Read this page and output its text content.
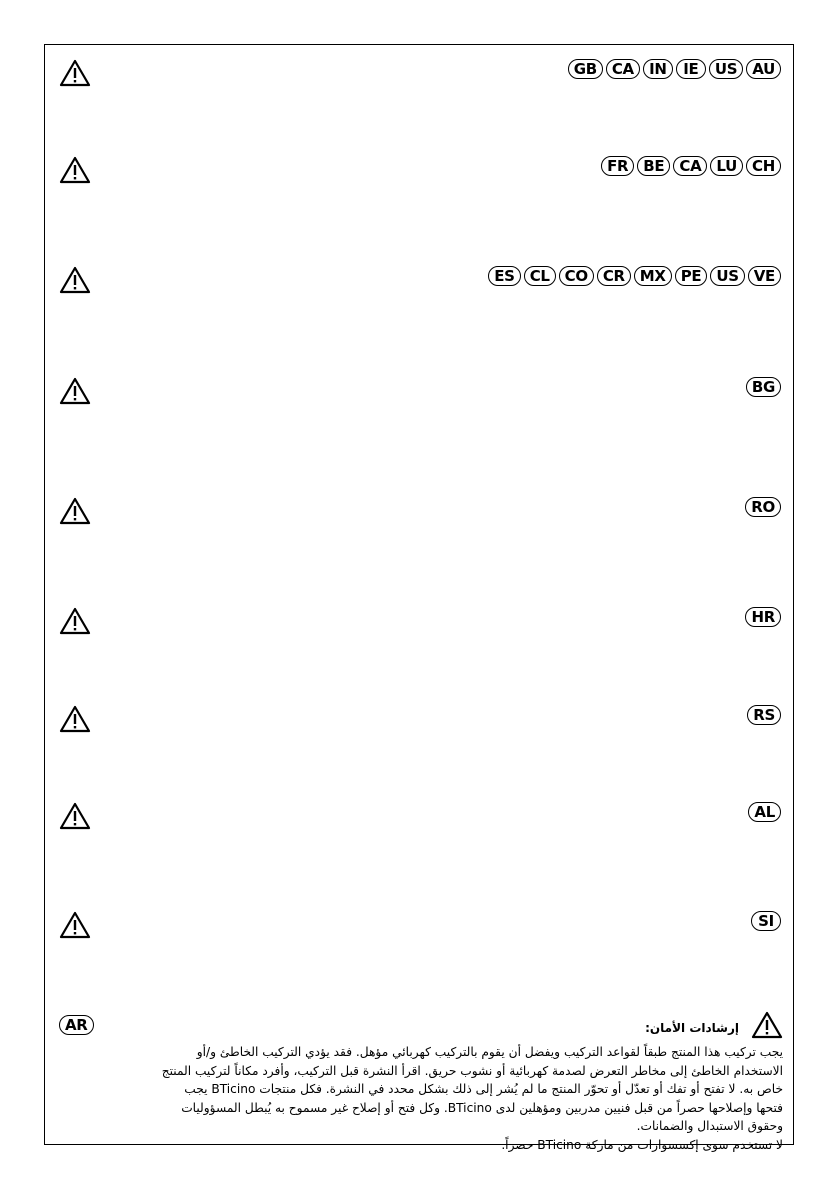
GB	CA	IN	IE	US	AU
FR	BE	CA	LU	CH
ES	CL	CO	CR	MX	PE	US	VE
BG
RO
HR
RS
AL
SI
AR	إرشادات الأمان:

يجب تركيب هذا المنتج طبقاً لقواعد التركيب ويفضل أن يقوم بالتركيب كهربائي مؤهل. فقد يؤدي التركيب الخاطئ و/أو

الاستخدام الخاطئ إلى مخاطر التعرض لصدمة كهربائية أو نشوب حريق. اقرأ النشرة قبل التركيب، وأفرد مكاناً لتركيب المنتج

خاص به. لا تفتح أو تفك أو تعدّل أو تحوّر المنتج ما لم يُشر إلى ذلك بشكل محدد في النشرة. فكل منتجات BTicino يجب

فتحها وإصلاحها حصراً من قبل فنيين مدربين ومؤهلين لدى BTicino. وكل فتح أو إصلاح غير مسموح به يُبطل المسؤوليات

وحقوق الاستبدال والضمانات.

لا تستخدم سوى إكسسوارات من ماركة BTicino حصراً.
